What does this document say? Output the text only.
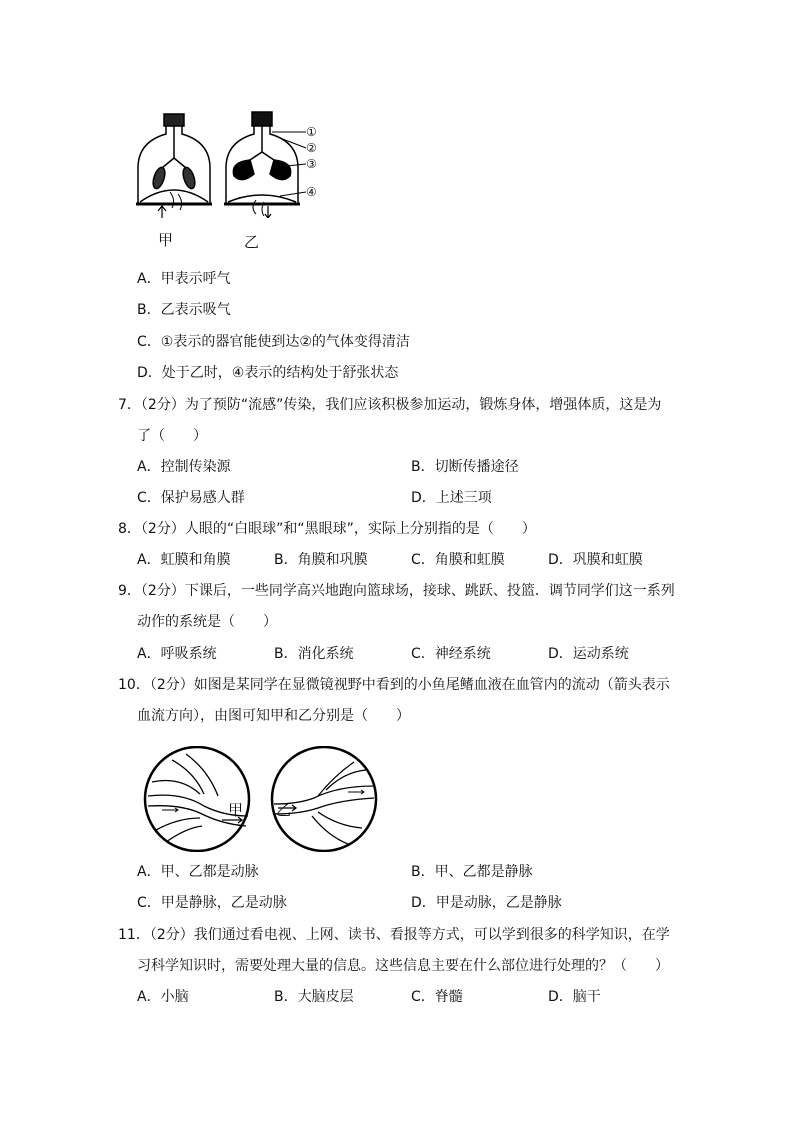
①
②
③
④
甲	乙
A．甲表示呼气
B．乙表示吸气
C．①表示的器官能使到达②的气体变得清洁
D．处于乙时，④表示的结构处于舒张状态
7．（2分）为了预防“流感”传染，我们应该积极参加运动，锻炼身体，增强体质，这是为
了（　　）
A．控制传染源	B．切断传播途径
C．保护易感人群	D．上述三项
8．（2分）人眼的“白眼球”和“黑眼球”，实际上分别指的是（　　）
A．虹膜和角膜	B．角膜和巩膜	C．角膜和虹膜	D．巩膜和虹膜
9．（2分）下课后，一些同学高兴地跑向篮球场，接球、跳跃、投篮．调节同学们这一系列
动作的系统是（　　）
A．呼吸系统	B．消化系统	C．神经系统	D．运动系统
10．（2分）如图是某同学在显微镜视野中看到的小鱼尾鳍血液在血管内的流动（箭头表示
血流方向），由图可知甲和乙分别是（　　）
甲 乙
A．甲、乙都是动脉	B．甲、乙都是静脉
C．甲是静脉，乙是动脉	D．甲是动脉，乙是静脉
11．（2分）我们通过看电视、上网、读书、看报等方式，可以学到很多的科学知识，在学
习科学知识时，需要处理大量的信息。这些信息主要在什么部位进行处理的？（　　）
A．小脑	B．大脑皮层	C．脊髓	D．脑干
